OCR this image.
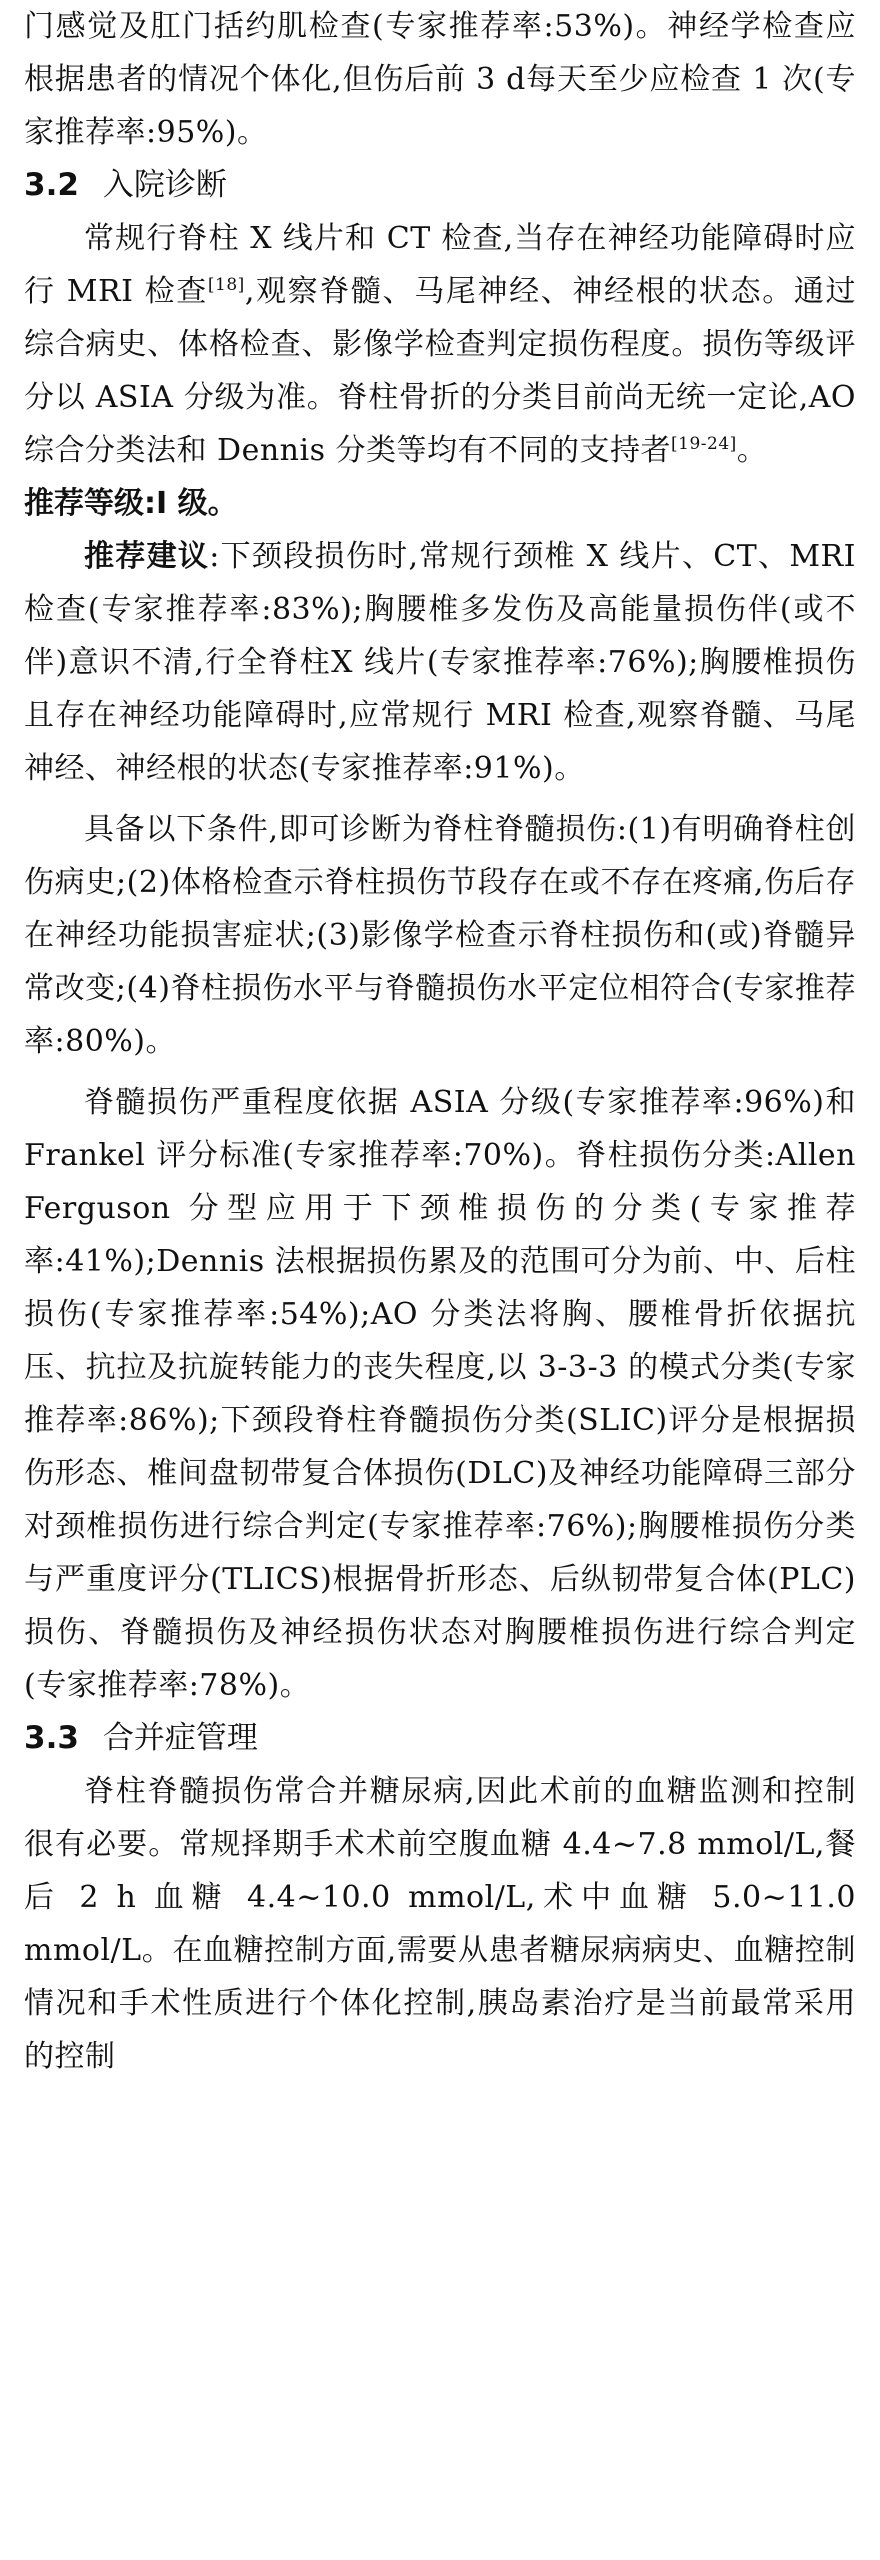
门感觉及肛门括约肌检查(专家推荐率:53%)。神经学检查应根据患者的情况个体化,但伤后前 3 d每天至少应检查 1 次(专家推荐率:95%)。

3.2 入院诊断

常规行脊柱 X 线片和 CT 检查,当存在神经功能障碍时应行 MRI 检查[18],观察脊髓、马尾神经、神经根的状态。通过综合病史、体格检查、影像学检查判定损伤程度。损伤等级评分以 ASIA 分级为准。脊柱骨折的分类目前尚无统一定论,AO 综合分类法和 Dennis 分类等均有不同的支持者[19-24]。

推荐等级:I 级。

推荐建议:下颈段损伤时,常规行颈椎 X 线片、CT、MRI 检查(专家推荐率:83%);胸腰椎多发伤及高能量损伤伴(或不伴)意识不清,行全脊柱X 线片(专家推荐率:76%);胸腰椎损伤且存在神经功能障碍时,应常规行 MRI 检查,观察脊髓、马尾神经、神经根的状态(专家推荐率:91%)。

具备以下条件,即可诊断为脊柱脊髓损伤:(1)有明确脊柱创伤病史;(2)体格检查示脊柱损伤节段存在或不存在疼痛,伤后存在神经功能损害症状;(3)影像学检查示脊柱损伤和(或)脊髓异常改变;(4)脊柱损伤水平与脊髓损伤水平定位相符合(专家推荐率:80%)。

脊髓损伤严重程度依据 ASIA 分级(专家推荐率:96%)和 Frankel 评分标准(专家推荐率:70%)。脊柱损伤分类:Allen Ferguson 分型应用于下颈椎损伤的分类(专家推荐率:41%);Dennis 法根据损伤累及的范围可分为前、中、后柱损伤(专家推荐率:54%);AO 分类法将胸、腰椎骨折依据抗压、抗拉及抗旋转能力的丧失程度,以 3-3-3 的模式分类(专家推荐率:86%);下颈段脊柱脊髓损伤分类(SLIC)评分是根据损伤形态、椎间盘韧带复合体损伤(DLC)及神经功能障碍三部分对颈椎损伤进行综合判定(专家推荐率:76%);胸腰椎损伤分类与严重度评分(TLICS)根据骨折形态、后纵韧带复合体(PLC)损伤、脊髓损伤及神经损伤状态对胸腰椎损伤进行综合判定(专家推荐率:78%)。

3.3 合并症管理

脊柱脊髓损伤常合并糖尿病,因此术前的血糖监测和控制很有必要。常规择期手术术前空腹血糖 4.4~7.8 mmol/L,餐后 2 h 血糖 4.4~10.0 mmol/L,术中血糖 5.0~11.0 mmol/L。在血糖控制方面,需要从患者糖尿病病史、血糖控制情况和手术性质进行个体化控制,胰岛素治疗是当前最常采用的控制
